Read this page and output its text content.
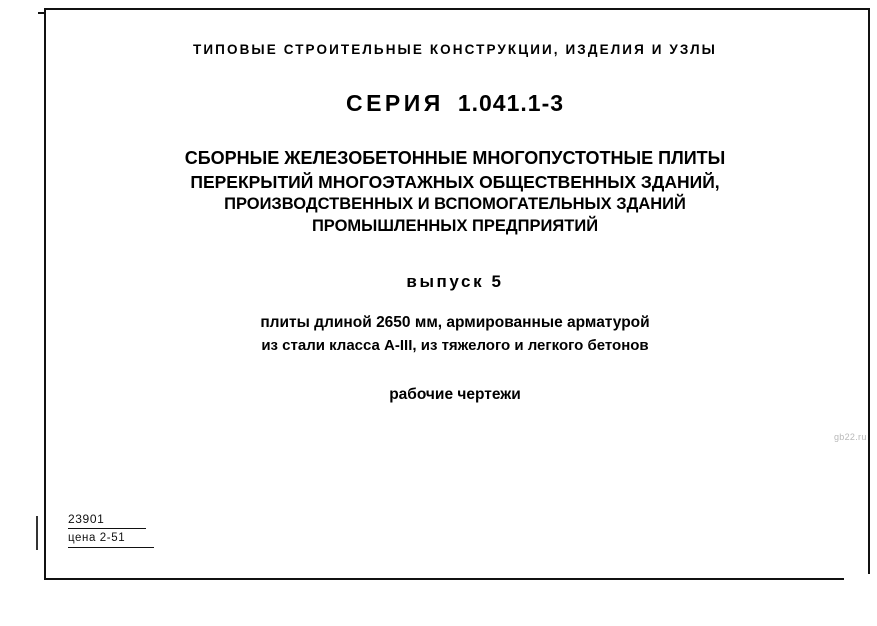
ТИПОВЫЕ СТРОИТЕЛЬНЫЕ КОНСТРУКЦИИ, ИЗДЕЛИЯ И УЗЛЫ
СЕРИЯ 1.041.1-3
СБОРНЫЕ ЖЕЛЕЗОБЕТОННЫЕ МНОГОПУСТОТНЫЕ ПЛИТЫ
ПЕРЕКРЫТИЙ МНОГОЭТАЖНЫХ ОБЩЕСТВЕННЫХ ЗДАНИЙ,
ПРОИЗВОДСТВЕННЫХ И ВСПОМОГАТЕЛЬНЫХ ЗДАНИЙ
ПРОМЫШЛЕННЫХ ПРЕДПРИЯТИЙ
выпуск 5
плиты длиной 2650 мм, армированные арматурой
из стали класса А-III, из тяжелого и легкого бетонов
рабочие чертежи
gb22.ru
23901
цена 2-51
